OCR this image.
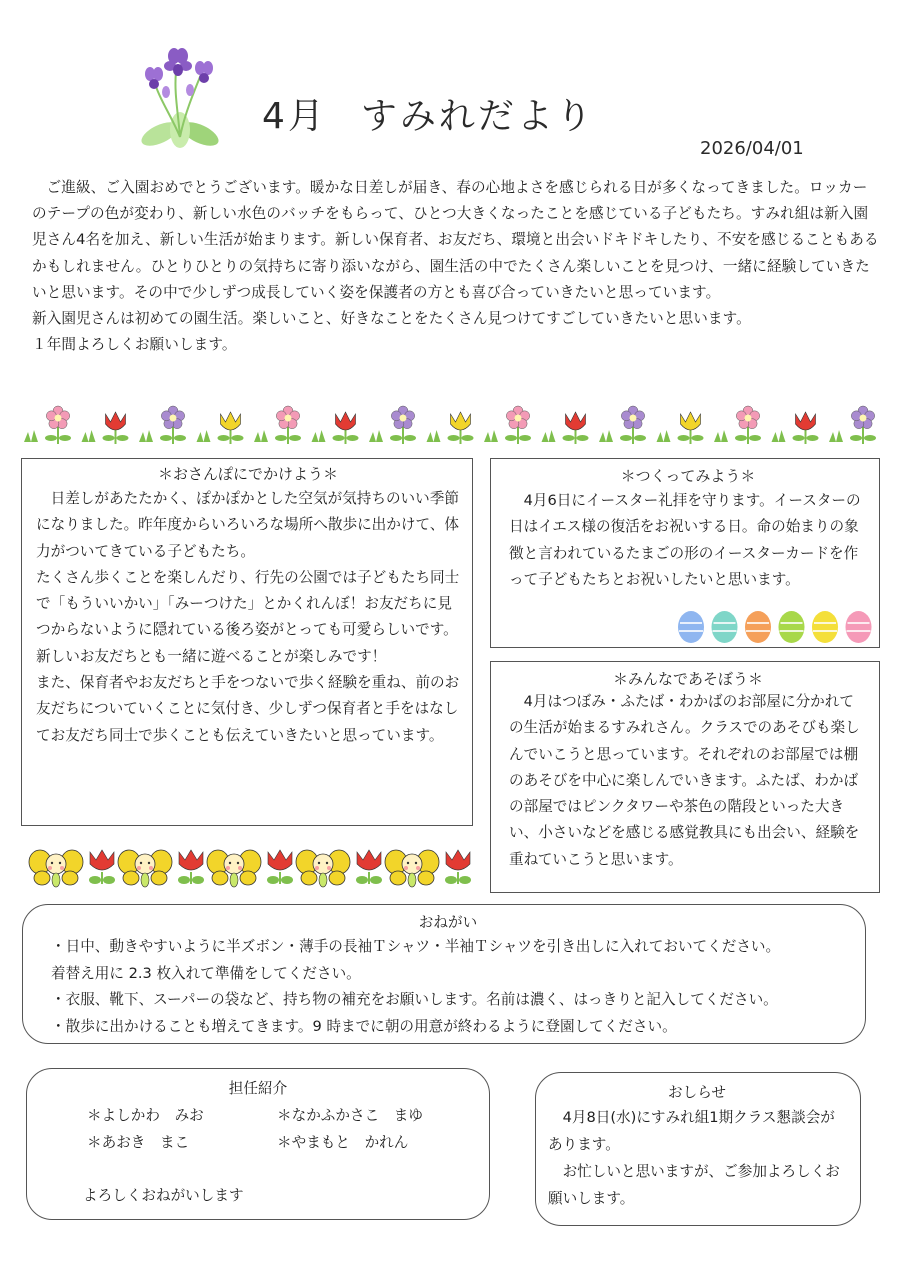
4月 すみれだより
2026/04/01

ご進級、ご入園おめでとうございます。暖かな日差しが届き、春の心地よさを感じられる日が多くなってきました。ロッカーのテープの色が変わり、新しい水色のバッチをもらって、ひとつ大きくなったことを感じている子どもたち。すみれ組は新入園児さん4名を加え、新しい生活が始まります。新しい保育者、お友だち、環境と出会いドキドキしたり、不安を感じることもあるかもしれません。ひとりひとりの気持ちに寄り添いながら、園生活の中でたくさん楽しいことを見つけ、一緒に経験していきたいと思います。その中で少しずつ成長していく姿を保護者の方とも喜び合っていきたいと思っています。

新入園児さんは初めての園生活。楽しいこと、好きなことをたくさん見つけてすごしていきたいと思います。

１年間よろしくお願いします。

＊おさんぽにでかけよう＊

日差しがあたたかく、ぽかぽかとした空気が気持ちのいい季節になりました。昨年度からいろいろな場所へ散歩に出かけて、体力がついてきている子どもたち。

たくさん歩くことを楽しんだり、行先の公園では子どもたち同士で「もういいかい」「みーつけた」とかくれんぼ！お友だちに見つからないように隠れている後ろ姿がとっても可愛らしいです。

新しいお友だちとも一緒に遊べることが楽しみです！

また、保育者やお友だちと手をつないで歩く経験を重ね、前のお友だちについていくことに気付き、少しずつ保育者と手をはなしてお友だち同士で歩くことも伝えていきたいと思っています。

＊つくってみよう＊

4月6日にイースター礼拝を守ります。イースターの日はイエス様の復活をお祝いする日。命の始まりの象徴と言われているたまごの形のイースターカードを作って子どもたちとお祝いしたいと思います。

＊みんなであそぼう＊

4月はつぼみ・ふたば・わかばのお部屋に分かれての生活が始まるすみれさん。クラスでのあそびも楽しんでいこうと思っています。それぞれのお部屋では棚のあそびを中心に楽しんでいきます。ふたば、わかばの部屋ではピンクタワーや茶色の階段といった大きい、小さいなどを感じる感覚教具にも出会い、経験を重ねていこうと思います。

おねがい

・日中、動きやすいように半ズボン・薄手の長袖Ｔシャツ・半袖Ｔシャツを引き出しに入れておいてください。

着替え用に 2.3 枚入れて準備をしてください。

・衣服、靴下、スーパーの袋など、持ち物の補充をお願いします。名前は濃く、はっきりと記入してください。

・散歩に出かけることも増えてきます。9 時までに朝の用意が終わるように登園してください。

担任紹介
＊よしかわ　みお	＊なかふかさこ　まゆ
＊あおき　まこ	＊やまもと　かれん
よろしくおねがいします
おしらせ

4月8日(水)にすみれ組1期クラス懇談会があります。

お忙しいと思いますが、ご参加よろしくお願いします。
